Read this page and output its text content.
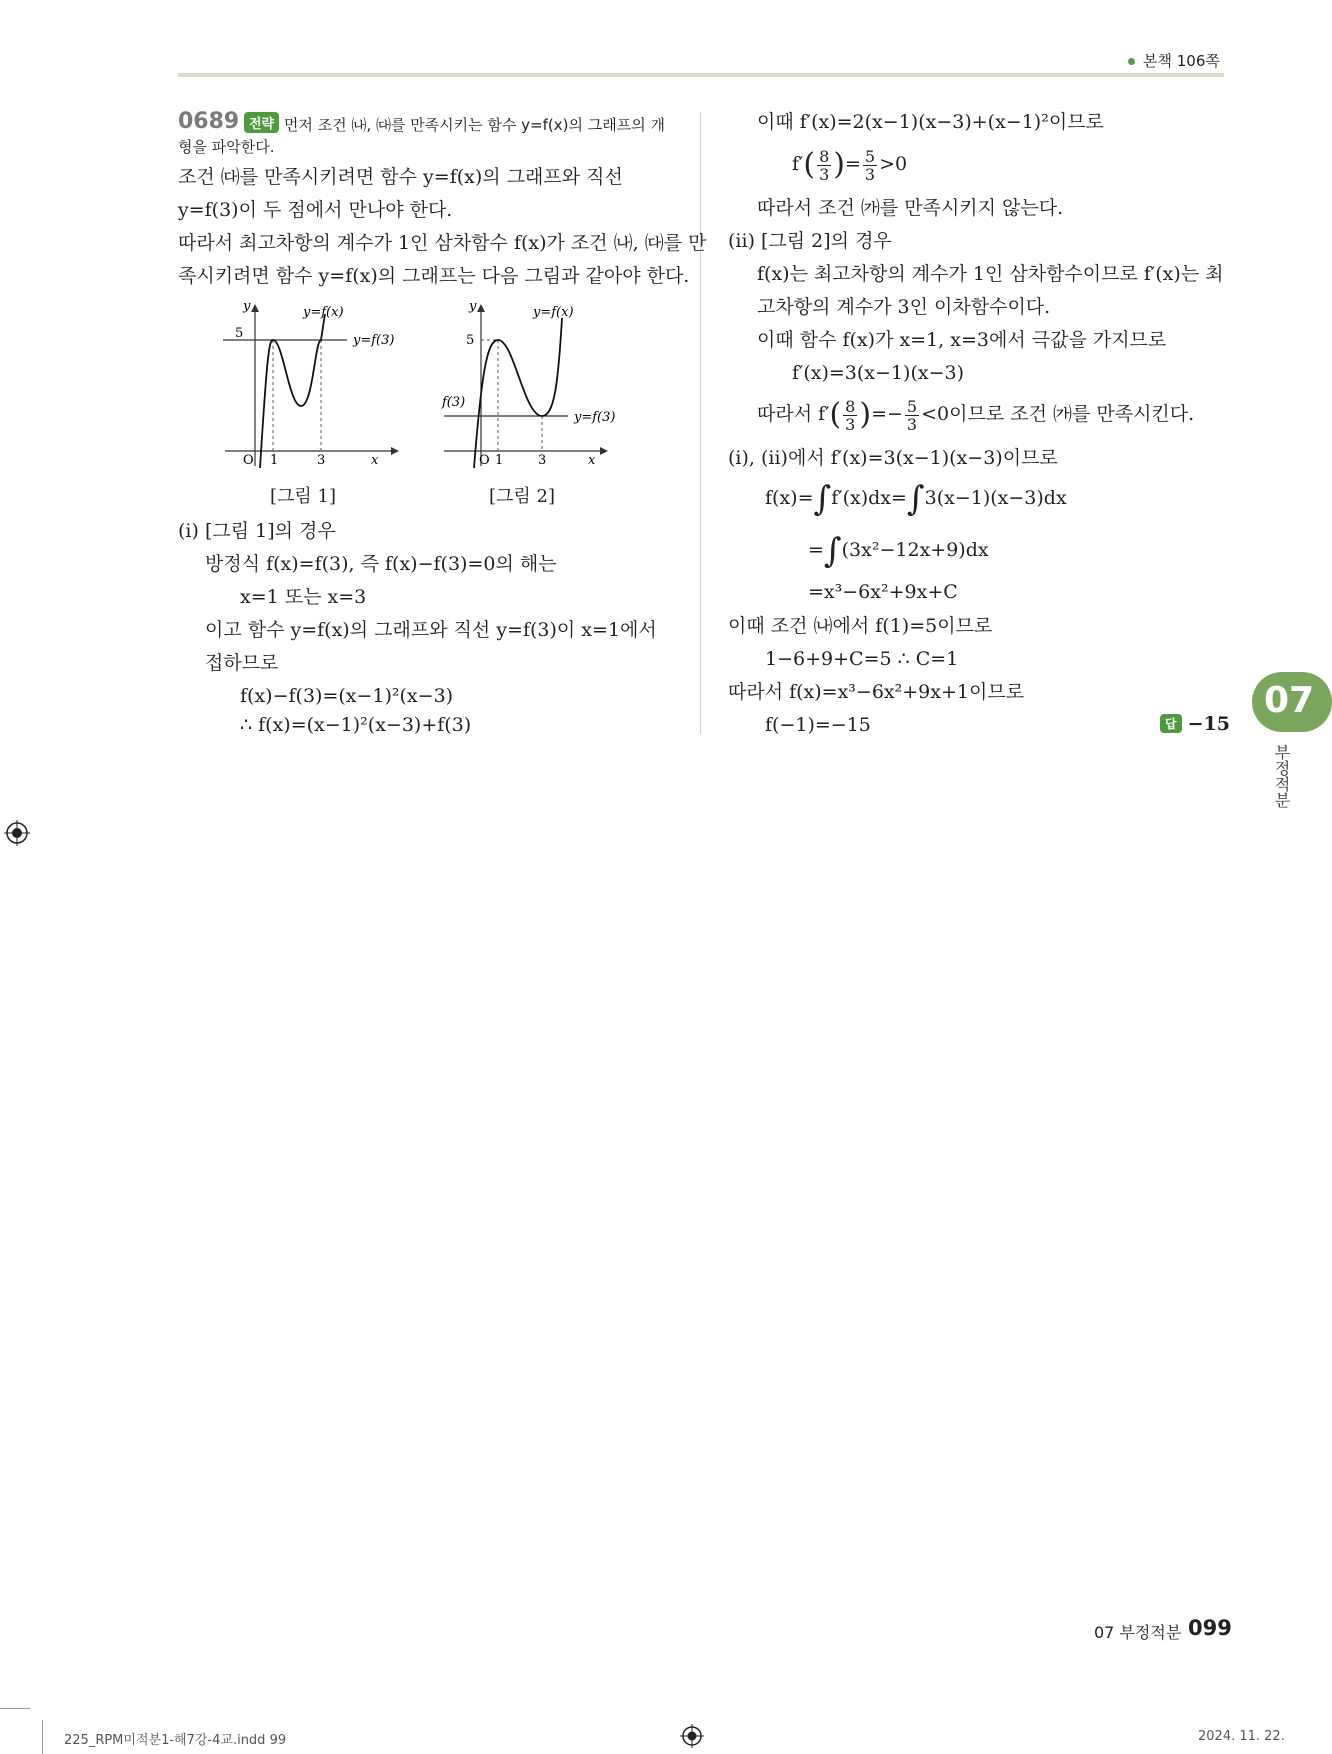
본책 106쪽
0689 전략 먼저 조건 ㈏, ㈐를 만족시키는 함수 y=f(x)의 그래프의 개
형을 파악한다.
조건 ㈐를 만족시키려면 함수 y=f(x)의 그래프와 직선
y=f(3)이 두 점에서 만나야 한다.
따라서 최고차항의 계수가 1인 삼차함수 f(x)가 조건 ㈏, ㈐를 만
족시키려면 함수 y=f(x)의 그래프는 다음 그림과 같아야 한다.
y
5
y=f(x)
y=f(3)
O 1	3	x
[그림 1]
y
5
f(3)
y=f(x)
y=f(3)
O 1	3	x
[그림 2]
(i) [그림 1]의 경우
방정식 f(x)=f(3), 즉 f(x)−f(3)=0의 해는
x=1 또는 x=3
이고 함수 y=f(x)의 그래프와 직선 y=f(3)이 x=1에서
접하므로
f(x)−f(3)=(x−1)²(x−3)
∴ f(x)=(x−1)²(x−3)+f(3)
이때 f′(x)=2(x−1)(x−3)+(x−1)²이므로
$f'( \frac{8}{3}$ )= $\frac{5}{3} >0$
따라서 조건 ㈎를 만족시키지 않는다.
(ii) [그림 2]의 경우
f(x)는 최고차항의 계수가 1인 삼차함수이므로 f′(x)는 최
고차항의 계수가 3인 이차함수이다.
이때 함수 f(x)가 x=1, x=3에서 극값을 가지므로
f′(x)=3(x−1)(x−3)
따라서 $f'( \frac{8}{3}$ )=− $\frac{5}{3} <0$이므로 조건 ㈎를 만족시킨다.
(i), (ii)에서 f′(x)=3(x−1)(x−3)이므로
f(x)=∫f′(x)dx=∫3(x−1)(x−3)dx
=∫(3x²−12x+9)dx
=x³−6x²+9x+C
이때 조건 ㈏에서 f(1)=5이므로
1−6+9+C=5 ∴ C=1
따라서 f(x)=x³−6x²+9x+1이므로
f(−1)=−15	답 −15
07
부정적분
07 부정적분 099
225_RPM미적분1-해7강-4교.indd 99	2024. 11. 22.
